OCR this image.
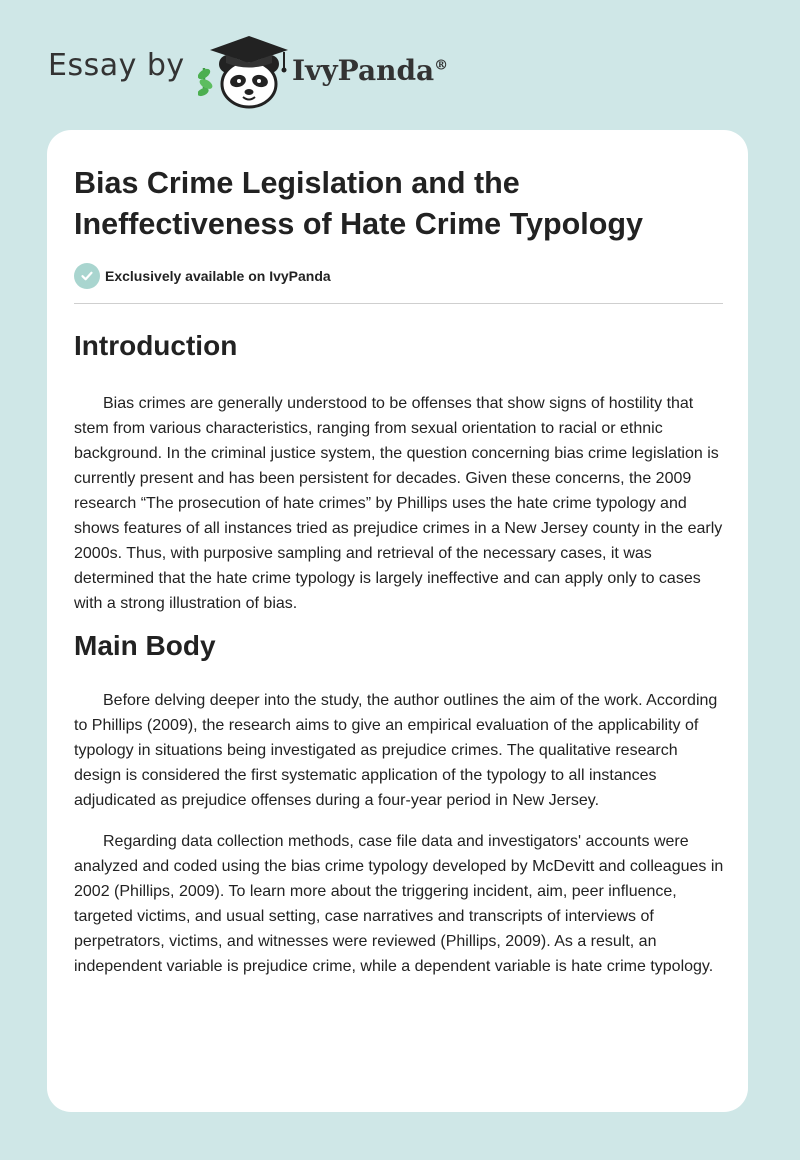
Essay by	IvyPanda®
Bias Crime Legislation and the Ineffectiveness of Hate Crime Typology
Exclusively available on IvyPanda
Introduction

Bias crimes are generally understood to be offenses that show signs of hostility that stem from various characteristics, ranging from sexual orientation to racial or ethnic background. In the criminal justice system, the question concerning bias crime legislation is currently present and has been persistent for decades. Given these concerns, the 2009 research “The prosecution of hate crimes” by Phillips uses the hate crime typology and shows features of all instances tried as prejudice crimes in a New Jersey county in the early 2000s. Thus, with purposive sampling and retrieval of the necessary cases, it was determined that the hate crime typology is largely ineffective and can apply only to cases with a strong illustration of bias.

Main Body

Before delving deeper into the study, the author outlines the aim of the work. According to Phillips (2009), the research aims to give an empirical evaluation of the applicability of typology in situations being investigated as prejudice crimes. The qualitative research design is considered the first systematic application of the typology to all instances adjudicated as prejudice offenses during a four-year period in New Jersey.

Regarding data collection methods, case file data and investigators' accounts were analyzed and coded using the bias crime typology developed by McDevitt and colleagues in 2002 (Phillips, 2009). To learn more about the triggering incident, aim, peer influence, targeted victims, and usual setting, case narratives and transcripts of interviews of perpetrators, victims, and witnesses were reviewed (Phillips, 2009). As a result, an independent variable is prejudice crime, while a dependent variable is hate crime typology.
